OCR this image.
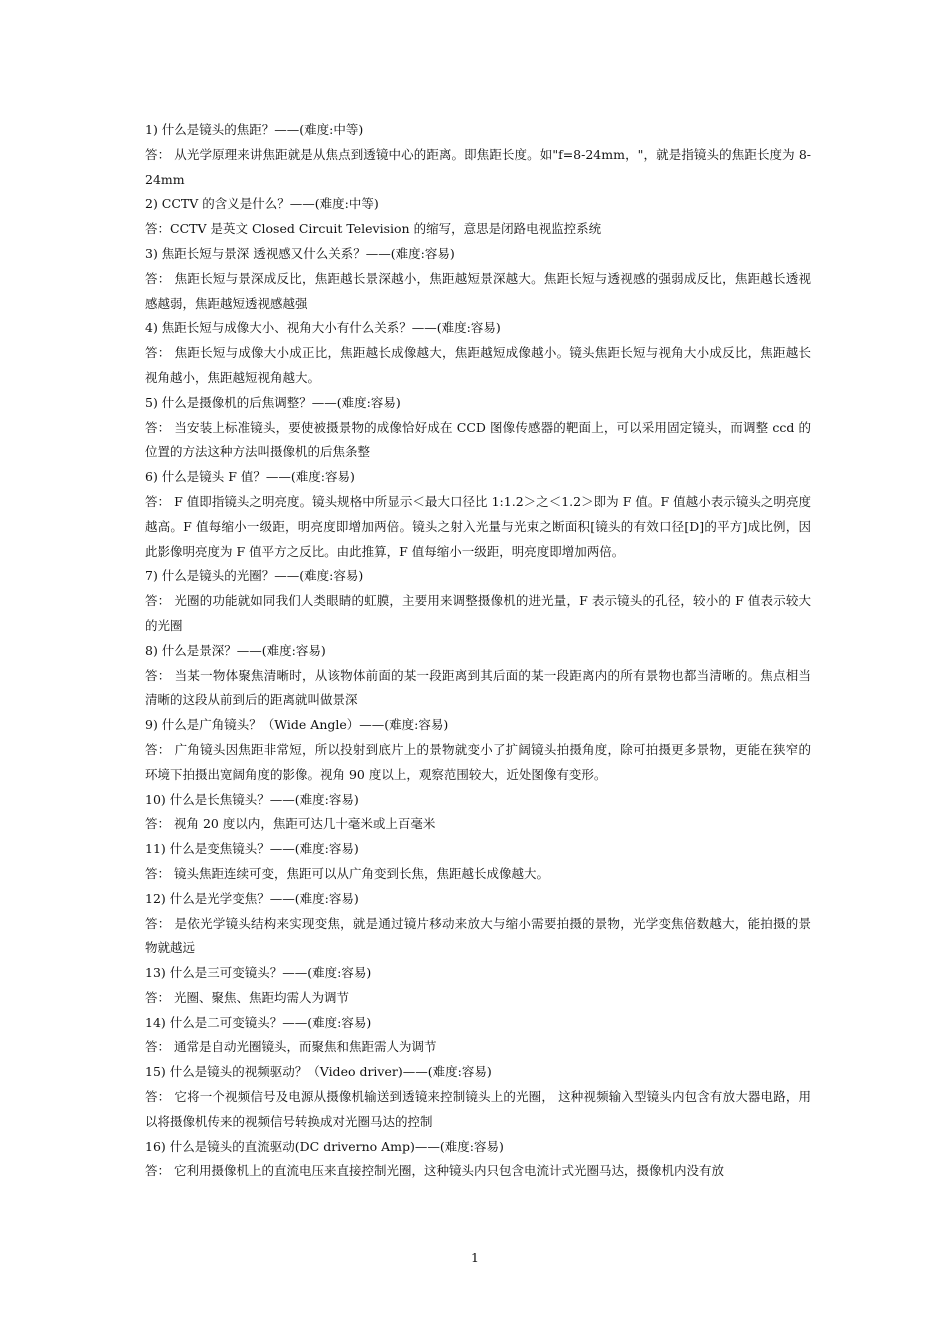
1) 什么是镜头的焦距？——(难度:中等)
答： 从光学原理来讲焦距就是从焦点到透镜中心的距离。即焦距长度。如"f=8-24mm，"，就是指镜头的焦距长度为 8-24mm
2) CCTV 的含义是什么？——(难度:中等)
答：CCTV 是英文 Closed Circuit Television 的缩写，意思是闭路电视监控系统
3) 焦距长短与景深 透视感又什么关系？——(难度:容易)
答： 焦距长短与景深成反比，焦距越长景深越小，焦距越短景深越大。焦距长短与透视感的强弱成反比，焦距越长透视感越弱，焦距越短透视感越强
4) 焦距长短与成像大小、视角大小有什么关系？——(难度:容易)
答： 焦距长短与成像大小成正比，焦距越长成像越大，焦距越短成像越小。镜头焦距长短与视角大小成反比，焦距越长视角越小，焦距越短视角越大。
5) 什么是摄像机的后焦调整？——(难度:容易)
答： 当安装上标准镜头，要使被摄景物的成像恰好成在 CCD 图像传感器的靶面上，可以采用固定镜头，而调整 ccd 的位置的方法这种方法叫摄像机的后焦条整
6) 什么是镜头 F 值？——(难度:容易)
答： F 值即指镜头之明亮度。镜头规格中所显示＜最大口径比 1:1.2＞之＜1.2＞即为 F 值。F 值越小表示镜头之明亮度越高。F 值每缩小一级距，明亮度即增加两倍。镜头之射入光量与光束之断面积[镜头的有效口径[D]的平方]成比例，因此影像明亮度为 F 值平方之反比。由此推算，F 值每缩小一级距，明亮度即增加两倍。
7) 什么是镜头的光圈？——(难度:容易)
答： 光圈的功能就如同我们人类眼睛的虹膜，主要用来调整摄像机的进光量，F 表示镜头的孔径，较小的 F 值表示较大的光圈
8) 什么是景深？——(难度:容易)
答： 当某一物体聚焦清晰时，从该物体前面的某一段距离到其后面的某一段距离内的所有景物也都当清晰的。焦点相当清晰的这段从前到后的距离就叫做景深
9) 什么是广角镜头？（Wide Angle）——(难度:容易)
答： 广角镜头因焦距非常短，所以投射到底片上的景物就变小了扩阔镜头拍摄角度，除可拍摄更多景物，更能在狭窄的环境下拍摄出宽阔角度的影像。视角 90 度以上，观察范围较大，近处图像有变形。
10) 什么是长焦镜头？——(难度:容易)
答： 视角 20 度以内，焦距可达几十毫米或上百毫米
11) 什么是变焦镜头？——(难度:容易)
答： 镜头焦距连续可变，焦距可以从广角变到长焦，焦距越长成像越大。
12) 什么是光学变焦？——(难度:容易)
答： 是依光学镜头结构来实现变焦，就是通过镜片移动来放大与缩小需要拍摄的景物，光学变焦倍数越大，能拍摄的景物就越远
13) 什么是三可变镜头？——(难度:容易)
答： 光圈、聚焦、焦距均需人为调节
14) 什么是二可变镜头？——(难度:容易)
答： 通常是自动光圈镜头，而聚焦和焦距需人为调节
15) 什么是镜头的视频驱动？（Video driver)——(难度:容易)
答： 它将一个视频信号及电源从摄像机输送到透镜来控制镜头上的光圈， 这种视频输入型镜头内包含有放大器电路，用以将摄像机传来的视频信号转换成对光圈马达的控制
16) 什么是镜头的直流驱动(DC driverno Amp)——(难度:容易)
答： 它利用摄像机上的直流电压来直接控制光圈，这种镜头内只包含电流计式光圈马达，摄像机内没有放
1
